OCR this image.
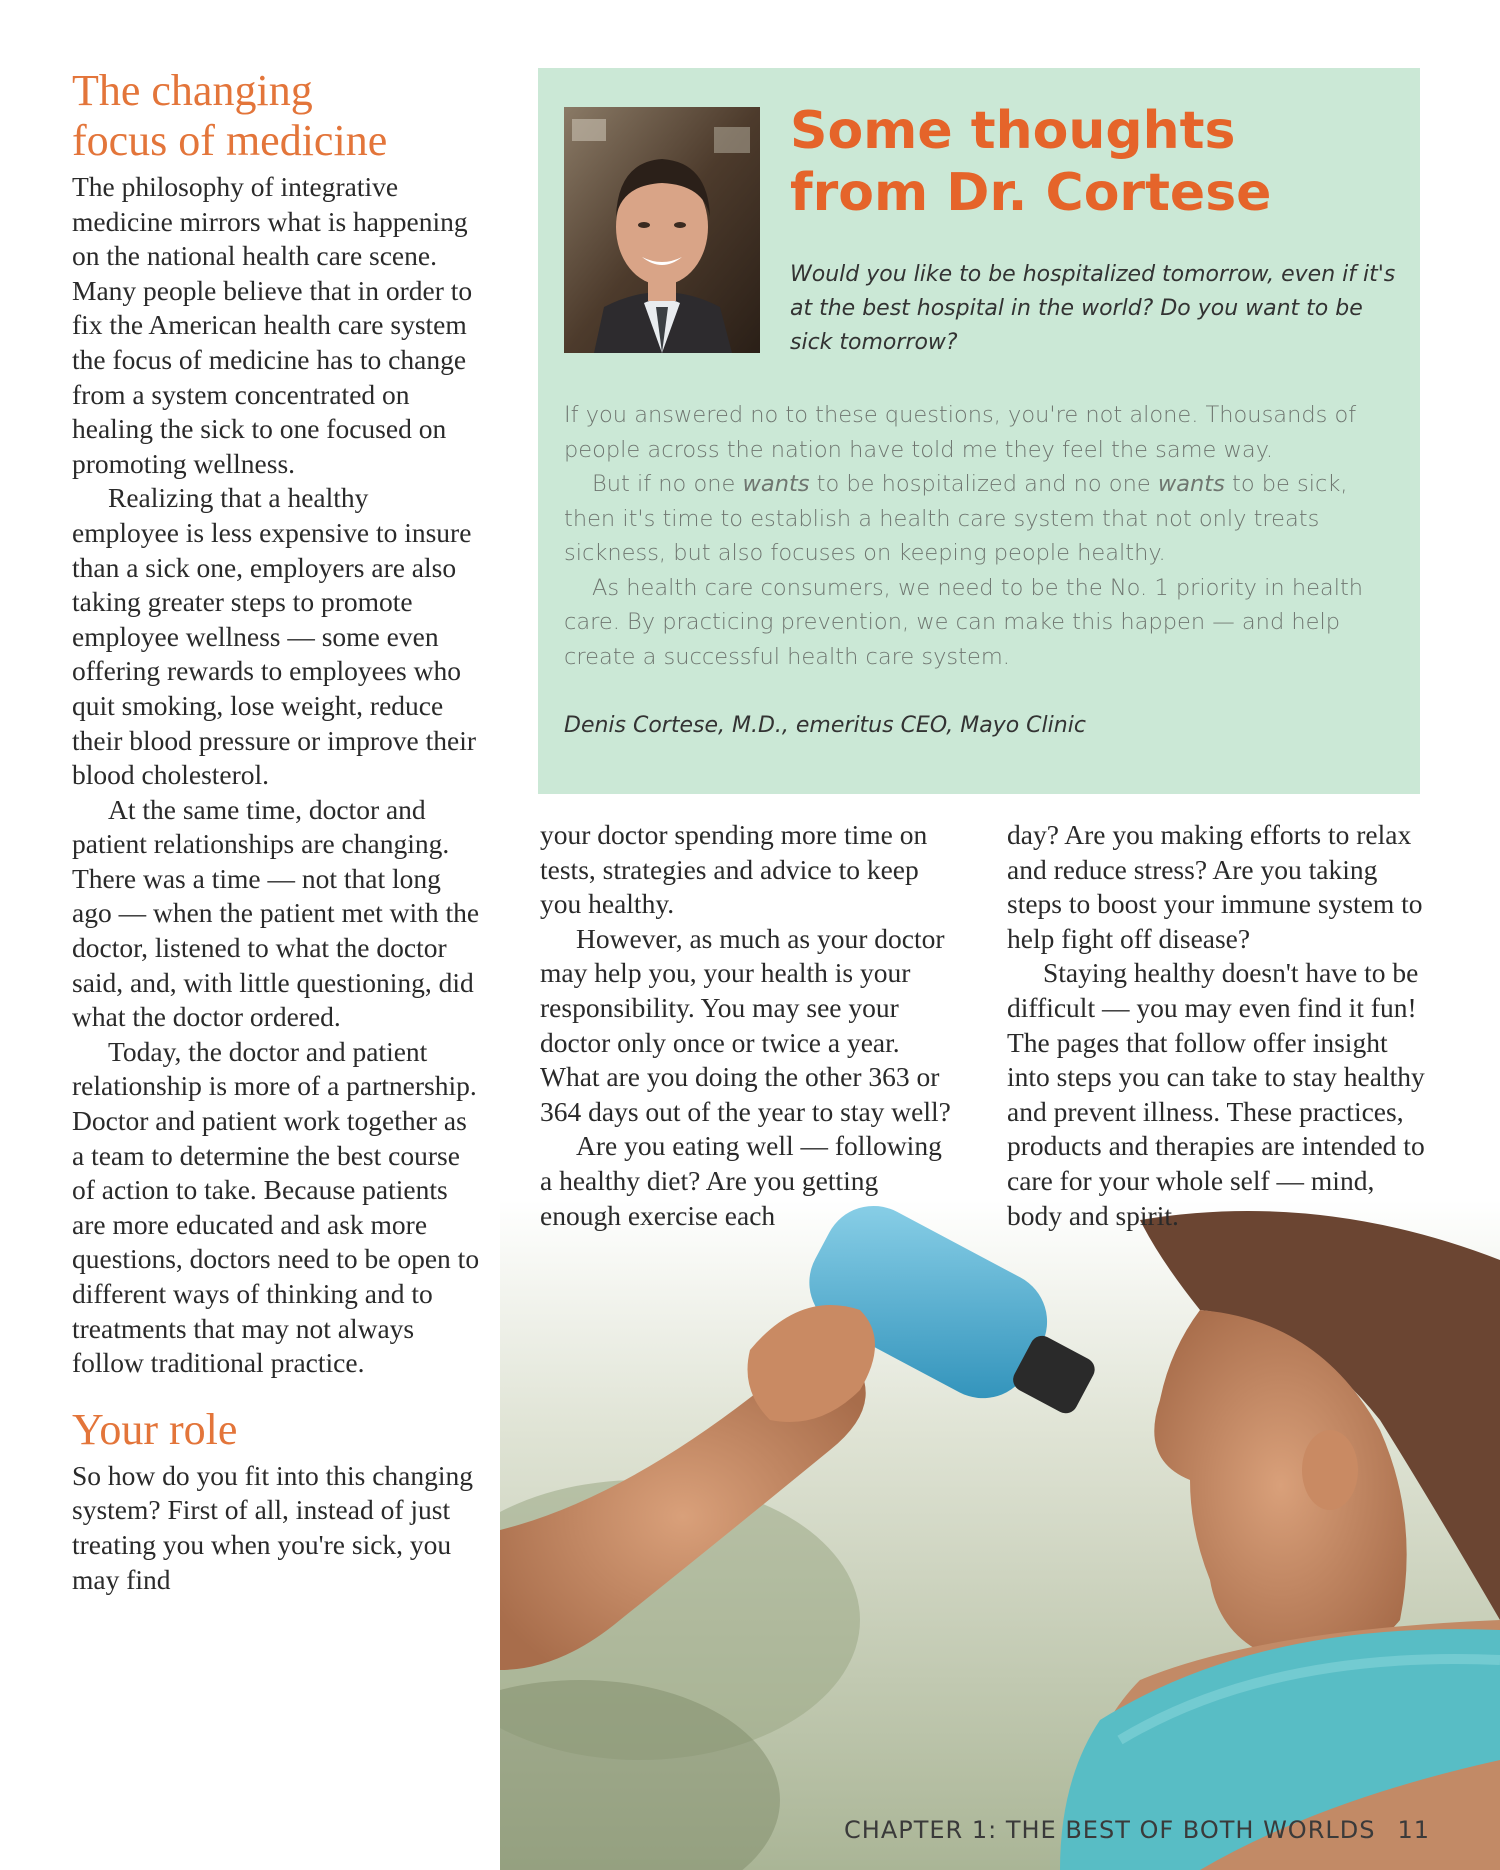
The changing
focus of medicine

The philosophy of integrative medicine mirrors what is happening on the national health care scene. Many people believe that in order to fix the American health care system the focus of medicine has to change from a system concentrated on healing the sick to one focused on promoting wellness.

Realizing that a healthy employee is less expensive to insure than a sick one, employers are also taking greater steps to promote employee wellness — some even offering rewards to employees who quit smoking, lose weight, reduce their blood pressure or improve their blood cholesterol.

At the same time, doctor and patient relationships are changing. There was a time — not that long ago — when the patient met with the doctor, listened to what the doctor said, and, with little questioning, did what the doctor ordered.

Today, the doctor and patient relationship is more of a partnership. Doctor and patient work together as a team to determine the best course of action to take. Because patients are more educated and ask more questions, doctors need to be open to different ways of thinking and to treatments that may not always follow traditional practice.

Your role

So how do you fit into this changing system? First of all, instead of just treating you when you're sick, you may find

Some thoughts
from Dr. Cortese

Would you like to be hospitalized tomorrow, even if it's at the best hospital in the world? Do you want to be sick tomorrow?

If you answered no to these questions, you're not alone. Thousands of people across the nation have told me they feel the same way.

But if no one wants to be hospitalized and no one wants to be sick, then it's time to establish a health care system that not only treats sickness, but also focuses on keeping people healthy.

As health care consumers, we need to be the No. 1 priority in health care. By practicing prevention, we can make this happen — and help create a successful health care system.

Denis Cortese, M.D., emeritus CEO, Mayo Clinic

your doctor spending more time on tests, strategies and advice to keep you healthy.

However, as much as your doctor may help you, your health is your responsibility. You may see your doctor only once or twice a year. What are you doing the other 363 or 364 days out of the year to stay well?

Are you eating well — following a healthy diet? Are you getting enough exercise each

day? Are you making efforts to relax and reduce stress? Are you taking steps to boost your immune system to help fight off disease?

Staying healthy doesn't have to be difficult — you may even find it fun! The pages that follow offer insight into steps you can take to stay healthy and prevent illness. These practices, products and therapies are intended to care for your whole self — mind, body and spirit.

CHAPTER 1: THE BEST OF BOTH WORLDS 11
